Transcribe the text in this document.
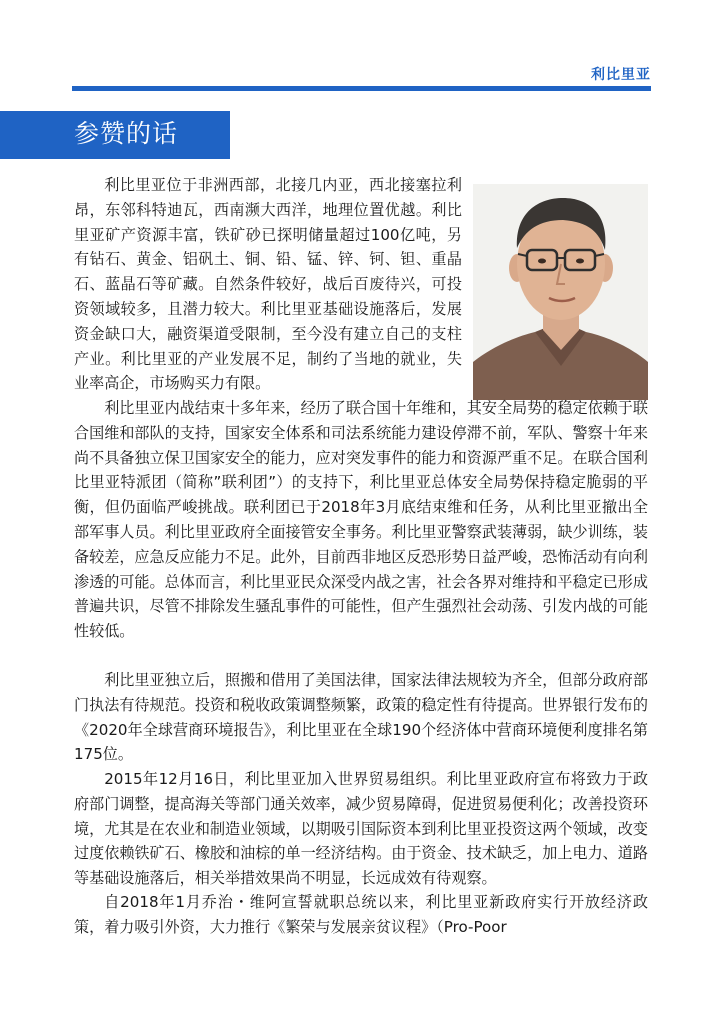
利比里亚
参赞的话

利比里亚位于非洲西部，北接几内亚，西北接塞拉利昂，东邻科特迪瓦，西南濒大西洋，地理位置优越。利比里亚矿产资源丰富，铁矿砂已探明储量超过100亿吨，另有钻石、黄金、铝矾土、铜、铅、锰、锌、钶、钽、重晶石、蓝晶石等矿藏。自然条件较好，战后百废待兴，可投资领域较多，且潜力较大。利比里亚基础设施落后，发展资金缺口大，融资渠道受限制，至今没有建立自己的支柱产业。利比里亚的产业发展不足，制约了当地的就业，失业率高企，市场购买力有限。

利比里亚内战结束十多年来，经历了联合国十年维和，其安全局势的稳定依赖于联合国维和部队的支持，国家安全体系和司法系统能力建设停滞不前，军队、警察十年来尚不具备独立保卫国家安全的能力，应对突发事件的能力和资源严重不足。在联合国利比里亚特派团（简称”联利团”）的支持下，利比里亚总体安全局势保持稳定脆弱的平衡，但仍面临严峻挑战。联利团已于2018年3月底结束维和任务，从利比里亚撤出全部军事人员。利比里亚政府全面接管安全事务。利比里亚警察武装薄弱，缺少训练，装备较差，应急反应能力不足。此外，目前西非地区反恐形势日益严峻，恐怖活动有向利渗透的可能。总体而言，利比里亚民众深受内战之害，社会各界对维持和平稳定已形成普遍共识，尽管不排除发生骚乱事件的可能性，但产生强烈社会动荡、引发内战的可能性较低。

利比里亚独立后，照搬和借用了美国法律，国家法律法规较为齐全，但部分政府部门执法有待规范。投资和税收政策调整频繁，政策的稳定性有待提高。世界银行发布的《2020年全球营商环境报告》，利比里亚在全球190个经济体中营商环境便利度排名第175位。

2015年12月16日，利比里亚加入世界贸易组织。利比里亚政府宣布将致力于政府部门调整，提高海关等部门通关效率，减少贸易障碍，促进贸易便利化；改善投资环境，尤其是在农业和制造业领域，以期吸引国际资本到利比里亚投资这两个领域，改变过度依赖铁矿石、橡胶和油棕的单一经济结构。由于资金、技术缺乏，加上电力、道路等基础设施落后，相关举措效果尚不明显，长远成效有待观察。

自2018年1月乔治・维阿宣誓就职总统以来，利比里亚新政府实行开放经济政策，着力吸引外资，大力推行《繁荣与发展亲贫议程》（Pro-Poor
